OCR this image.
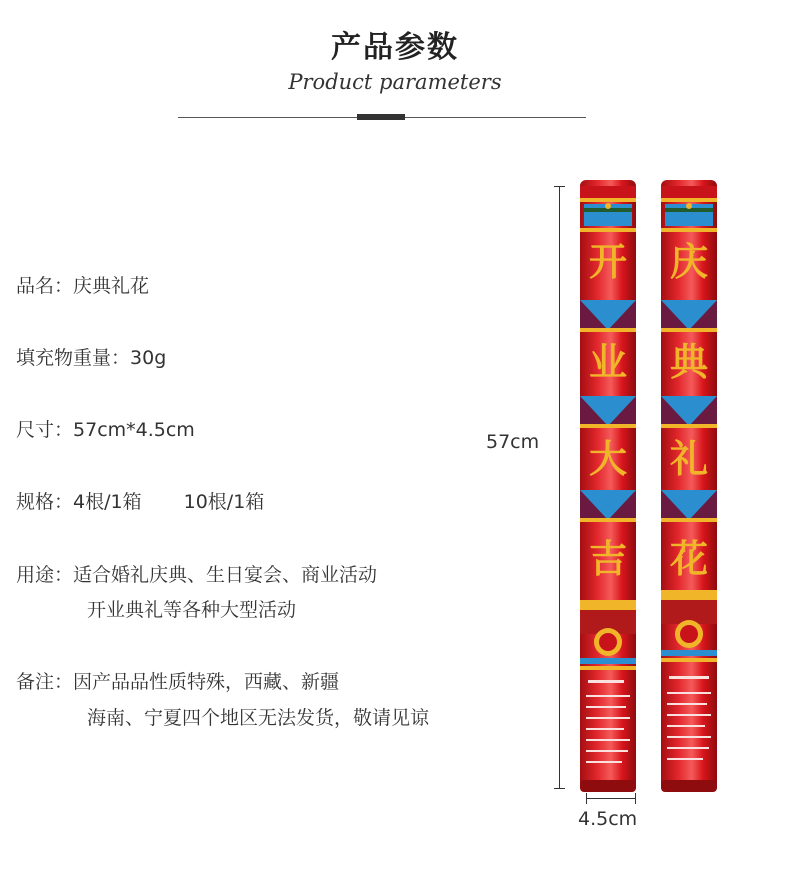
产品参数
Product parameters
品名：庆典礼花
填充物重量：30g
尺寸：57cm*4.5cm
规格：4根/1箱 10根/1箱
用途：适合婚礼庆典、生日宴会、商业活动
开业典礼等各种大型活动
备注：因产品品性质特殊，西藏、新疆
海南、宁夏四个地区无法发货，敬请见谅
57cm
4.5cm
开
业
大
吉
庆
典
礼
花
